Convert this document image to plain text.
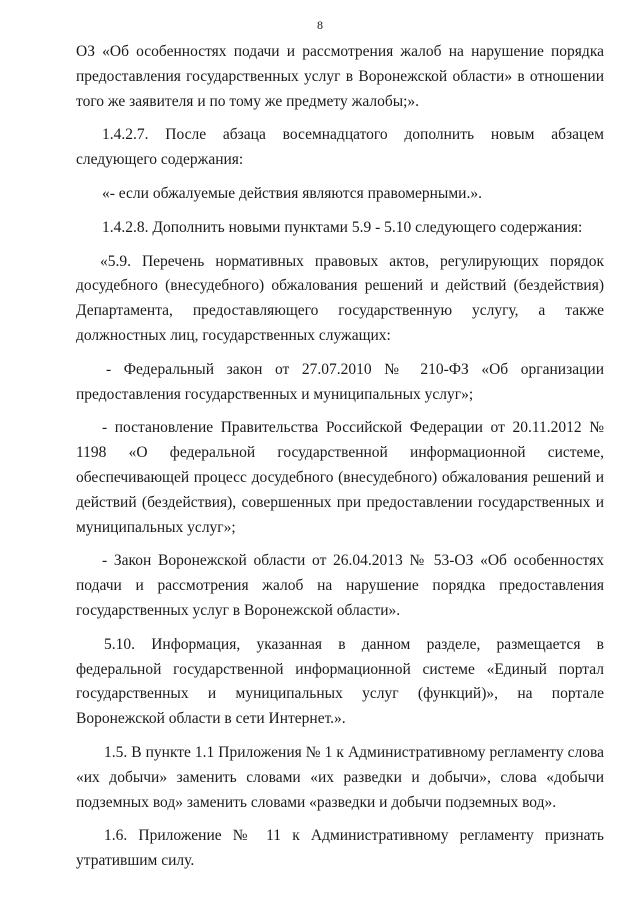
8

ОЗ «Об особенностях подачи и рассмотрения жалоб на нарушение порядка предоставления государственных услуг в Воронежской области» в отношении того же заявителя и по тому же предмету жалобы;».

1.4.2.7. После абзаца восемнадцатого дополнить новым абзацем следующего содержания:

«- если обжалуемые действия являются правомерными.».

1.4.2.8. Дополнить новыми пунктами 5.9 - 5.10 следующего содержания:

«5.9. Перечень нормативных правовых актов, регулирующих порядок досудебного (внесудебного) обжалования решений и действий (бездействия) Департамента, предоставляющего государственную услугу, а также должностных лиц, государственных служащих:

- Федеральный закон от 27.07.2010 № 210-ФЗ «Об организации предоставления государственных и муниципальных услуг»;

- постановление Правительства Российской Федерации от 20.11.2012 № 1198 «О федеральной государственной информационной системе, обеспечивающей процесс досудебного (внесудебного) обжалования решений и действий (бездействия), совершенных при предоставлении государственных и муниципальных услуг»;

- Закон Воронежской области от 26.04.2013 № 53-ОЗ «Об особенностях подачи и рассмотрения жалоб на нарушение порядка предоставления государственных услуг в Воронежской области».

5.10. Информация, указанная в данном разделе, размещается в федеральной государственной информационной системе «Единый портал государственных и муниципальных услуг (функций)», на портале Воронежской области в сети Интернет.».

1.5. В пункте 1.1 Приложения № 1 к Административному регламенту слова «их добычи» заменить словами «их разведки и добычи», слова «добычи подземных вод» заменить словами «разведки и добычи подземных вод».

1.6. Приложение № 11 к Административному регламенту признать утратившим силу.
